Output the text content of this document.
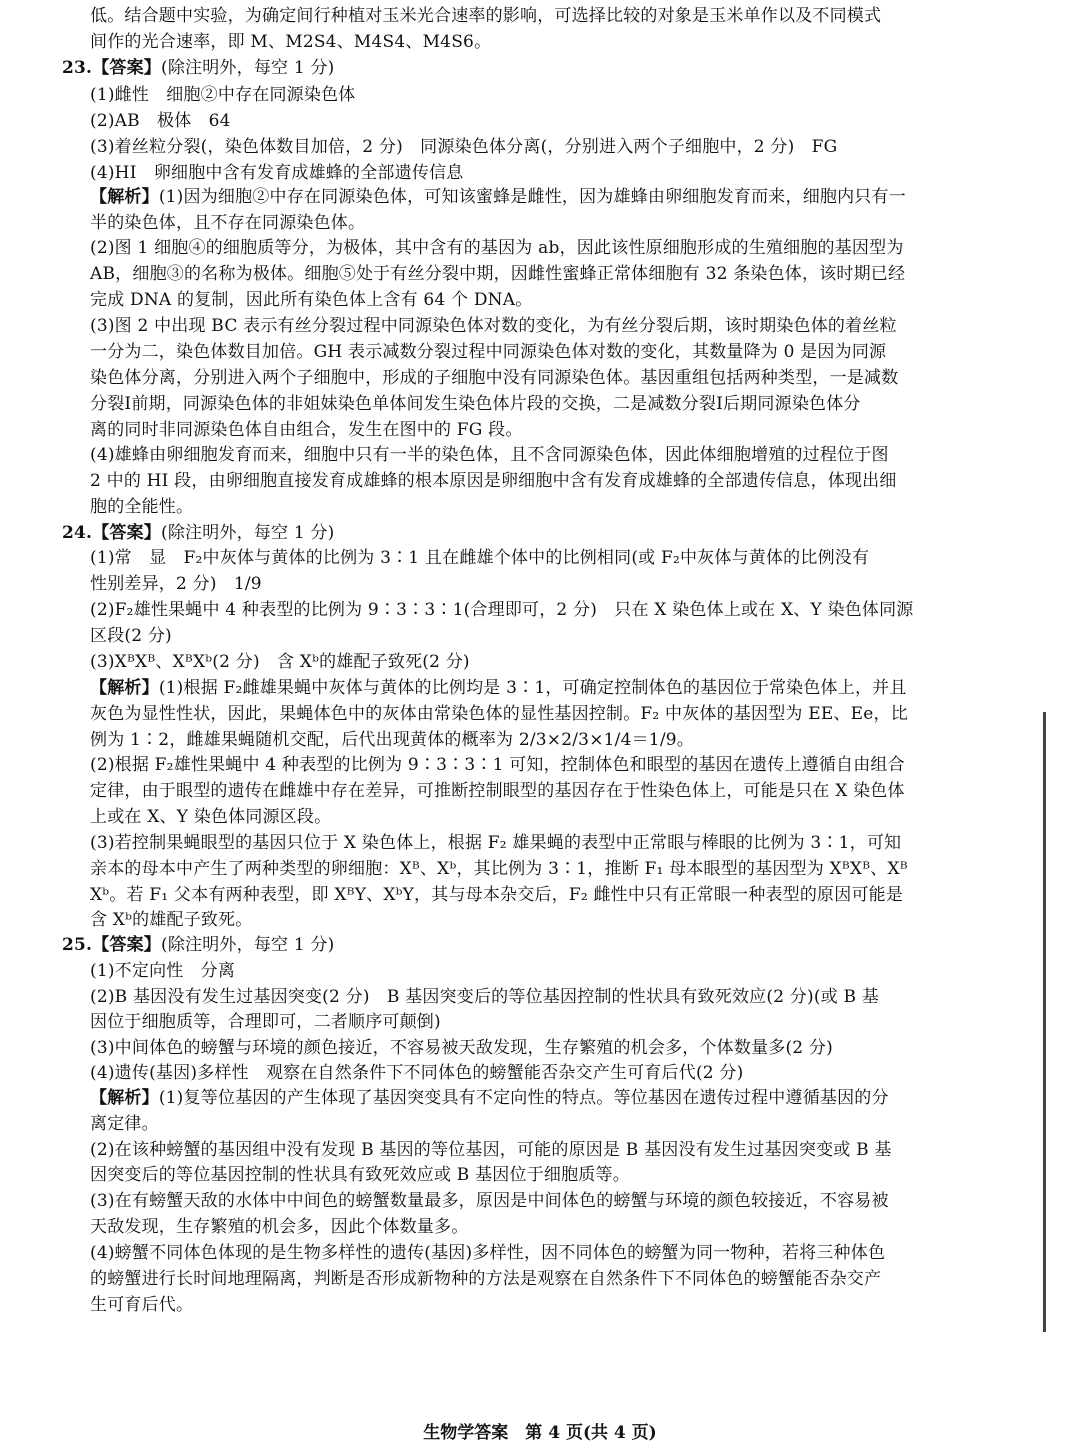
低。结合题中实验，为确定间行种植对玉米光合速率的影响，可选择比较的对象是玉米单作以及不同模式
间作的光合速率，即 M、M2S4、M4S4、M4S6。
23.【答案】(除注明外，每空 1 分)
(1)雌性　细胞②中存在同源染色体
(2)AB　极体　64
(3)着丝粒分裂(，染色体数目加倍，2 分)　同源染色体分离(，分别进入两个子细胞中，2 分)　FG
(4)HI　卵细胞中含有发育成雄蜂的全部遗传信息
【解析】(1)因为细胞②中存在同源染色体，可知该蜜蜂是雌性，因为雄蜂由卵细胞发育而来，细胞内只有一
半的染色体，且不存在同源染色体。
(2)图 1 细胞④的细胞质等分，为极体，其中含有的基因为 ab，因此该性原细胞形成的生殖细胞的基因型为
AB，细胞③的名称为极体。细胞⑤处于有丝分裂中期，因雌性蜜蜂正常体细胞有 32 条染色体，该时期已经
完成 DNA 的复制，因此所有染色体上含有 64 个 DNA。
(3)图 2 中出现 BC 表示有丝分裂过程中同源染色体对数的变化，为有丝分裂后期，该时期染色体的着丝粒
一分为二，染色体数目加倍。GH 表示减数分裂过程中同源染色体对数的变化，其数量降为 0 是因为同源
染色体分离，分别进入两个子细胞中，形成的子细胞中没有同源染色体。基因重组包括两种类型，一是减数
分裂Ⅰ前期，同源染色体的非姐妹染色单体间发生染色体片段的交换，二是减数分裂Ⅰ后期同源染色体分
离的同时非同源染色体自由组合，发生在图中的 FG 段。
(4)雄蜂由卵细胞发育而来，细胞中只有一半的染色体，且不含同源染色体，因此体细胞增殖的过程位于图
2 中的 HI 段，由卵细胞直接发育成雄蜂的根本原因是卵细胞中含有发育成雄蜂的全部遗传信息，体现出细
胞的全能性。
24.【答案】(除注明外，每空 1 分)
(1)常　显　F₂中灰体与黄体的比例为 3∶1 且在雌雄个体中的比例相同(或 F₂中灰体与黄体的比例没有
性别差异，2 分)　1/9
(2)F₂雄性果蝇中 4 种表型的比例为 9∶3∶3∶1(合理即可，2 分)　只在 X 染色体上或在 X、Y 染色体同源
区段(2 分)
(3)XᴮXᴮ、XᴮXᵇ(2 分)　含 Xᵇ的雄配子致死(2 分)
【解析】(1)根据 F₂雌雄果蝇中灰体与黄体的比例均是 3∶1，可确定控制体色的基因位于常染色体上，并且
灰色为显性性状，因此，果蝇体色中的灰体由常染色体的显性基因控制。F₂ 中灰体的基因型为 EE、Ee，比
例为 1∶2，雌雄果蝇随机交配，后代出现黄体的概率为 2/3×2/3×1/4＝1/9。
(2)根据 F₂雄性果蝇中 4 种表型的比例为 9∶3∶3∶1 可知，控制体色和眼型的基因在遗传上遵循自由组合
定律，由于眼型的遗传在雌雄中存在差异，可推断控制眼型的基因存在于性染色体上，可能是只在 X 染色体
上或在 X、Y 染色体同源区段。
(3)若控制果蝇眼型的基因只位于 X 染色体上，根据 F₂ 雄果蝇的表型中正常眼与棒眼的比例为 3∶1，可知
亲本的母本中产生了两种类型的卵细胞：Xᴮ、Xᵇ，其比例为 3∶1，推断 F₁ 母本眼型的基因型为 XᴮXᴮ、Xᴮ
Xᵇ。若 F₁ 父本有两种表型，即 XᴮY、XᵇY，其与母本杂交后，F₂ 雌性中只有正常眼一种表型的原因可能是
含 Xᵇ的雄配子致死。
25.【答案】(除注明外，每空 1 分)
(1)不定向性　分离
(2)B 基因没有发生过基因突变(2 分)　B 基因突变后的等位基因控制的性状具有致死效应(2 分)(或 B 基
因位于细胞质等，合理即可，二者顺序可颠倒)
(3)中间体色的螃蟹与环境的颜色接近，不容易被天敌发现，生存繁殖的机会多，个体数量多(2 分)
(4)遗传(基因)多样性　观察在自然条件下不同体色的螃蟹能否杂交产生可育后代(2 分)
【解析】(1)复等位基因的产生体现了基因突变具有不定向性的特点。等位基因在遗传过程中遵循基因的分
离定律。
(2)在该种螃蟹的基因组中没有发现 B 基因的等位基因，可能的原因是 B 基因没有发生过基因突变或 B 基
因突变后的等位基因控制的性状具有致死效应或 B 基因位于细胞质等。
(3)在有螃蟹天敌的水体中中间色的螃蟹数量最多，原因是中间体色的螃蟹与环境的颜色较接近，不容易被
天敌发现，生存繁殖的机会多，因此个体数量多。
(4)螃蟹不同体色体现的是生物多样性的遗传(基因)多样性，因不同体色的螃蟹为同一物种，若将三种体色
的螃蟹进行长时间地理隔离，判断是否形成新物种的方法是观察在自然条件下不同体色的螃蟹能否杂交产
生可育后代。
生物学答案　第 4 页(共 4 页)
